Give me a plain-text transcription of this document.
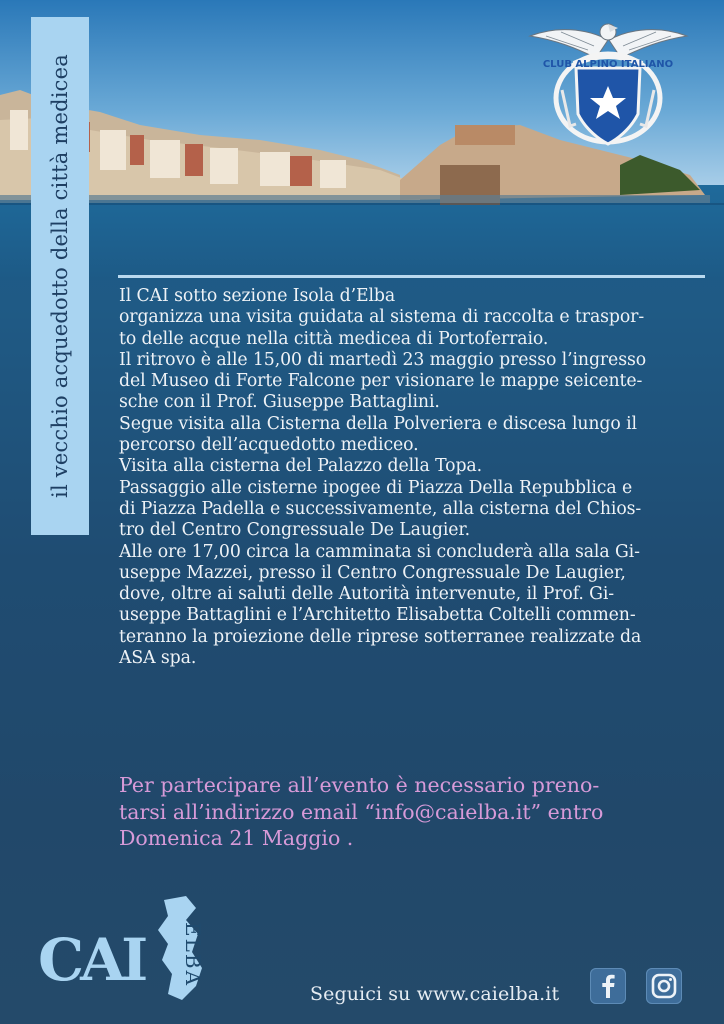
il vecchio acquedotto della città medicea	CLUB ALPINO ITALIANO

Il CAI sotto sezione Isola d’Elba

organizza una visita guidata al sistema di raccolta e traspor-

to delle acque nella città medicea di Portoferraio.

Il ritrovo è alle 15,00 di martedì 23 maggio presso l’ingresso

del Museo di Forte Falcone per visionare le mappe seicente-

sche con il Prof. Giuseppe Battaglini.

Segue visita alla Cisterna della Polveriera e discesa lungo il

percorso dell’acquedotto mediceo.

Visita alla cisterna del Palazzo della Topa.

Passaggio alle cisterne ipogee di Piazza Della Repubblica e

di Piazza Padella e successivamente, alla cisterna del Chios-

tro del Centro Congressuale De Laugier.

Alle ore 17,00 circa la camminata si concluderà alla sala Gi-

useppe Mazzei, presso il Centro Congressuale De Laugier,

dove, oltre ai saluti delle Autorità intervenute, il Prof. Gi-

useppe Battaglini e l’Architetto Elisabetta Coltelli commen-

teranno la proiezione delle riprese sotterranee realizzate da

ASA spa.

Per partecipare all’evento è necessario preno-

tarsi all’indirizzo email “info@caielba.it” entro

Domenica 21 Maggio .

CAI ELBA
Seguici su www.caielba.it
